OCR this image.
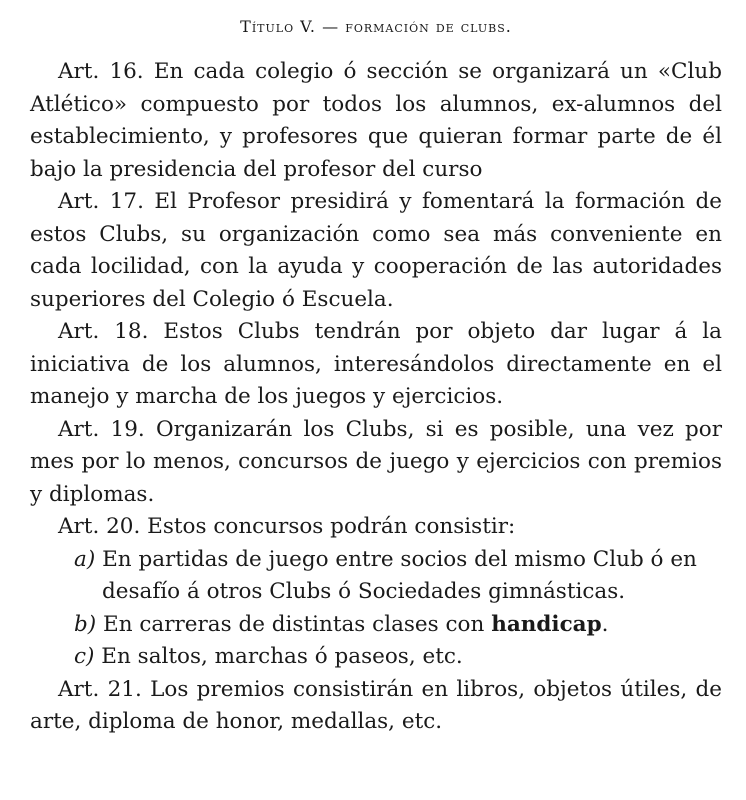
Título V. — formación de clubs.

Art. 16. En cada colegio ó sección se organizará un «Club Atlético» compuesto por todos los alumnos, ex-alumnos del establecimiento, y profesores que quieran formar parte de él bajo la presidencia del profesor del curso

Art. 17. El Profesor presidirá y fomentará la formación de estos Clubs, su organización como sea más conveniente en cada locilidad, con la ayuda y cooperación de las autoridades superiores del Colegio ó Escuela.

Art. 18. Estos Clubs tendrán por objeto dar lugar á la iniciativa de los alumnos, interesándolos directamente en el manejo y marcha de los juegos y ejercicios.

Art. 19. Organizarán los Clubs, si es posible, una vez por mes por lo menos, concursos de juego y ejercicios con premios y diplomas.

Art. 20. Estos concursos podrán consistir:

a) En partidas de juego entre socios del mismo Club ó en desafío á otros Clubs ó Sociedades gimnásticas.

b) En carreras de distintas clases con handicap.

c) En saltos, marchas ó paseos, etc.

Art. 21. Los premios consistirán en libros, objetos útiles, de arte, diploma de honor, medallas, etc.
